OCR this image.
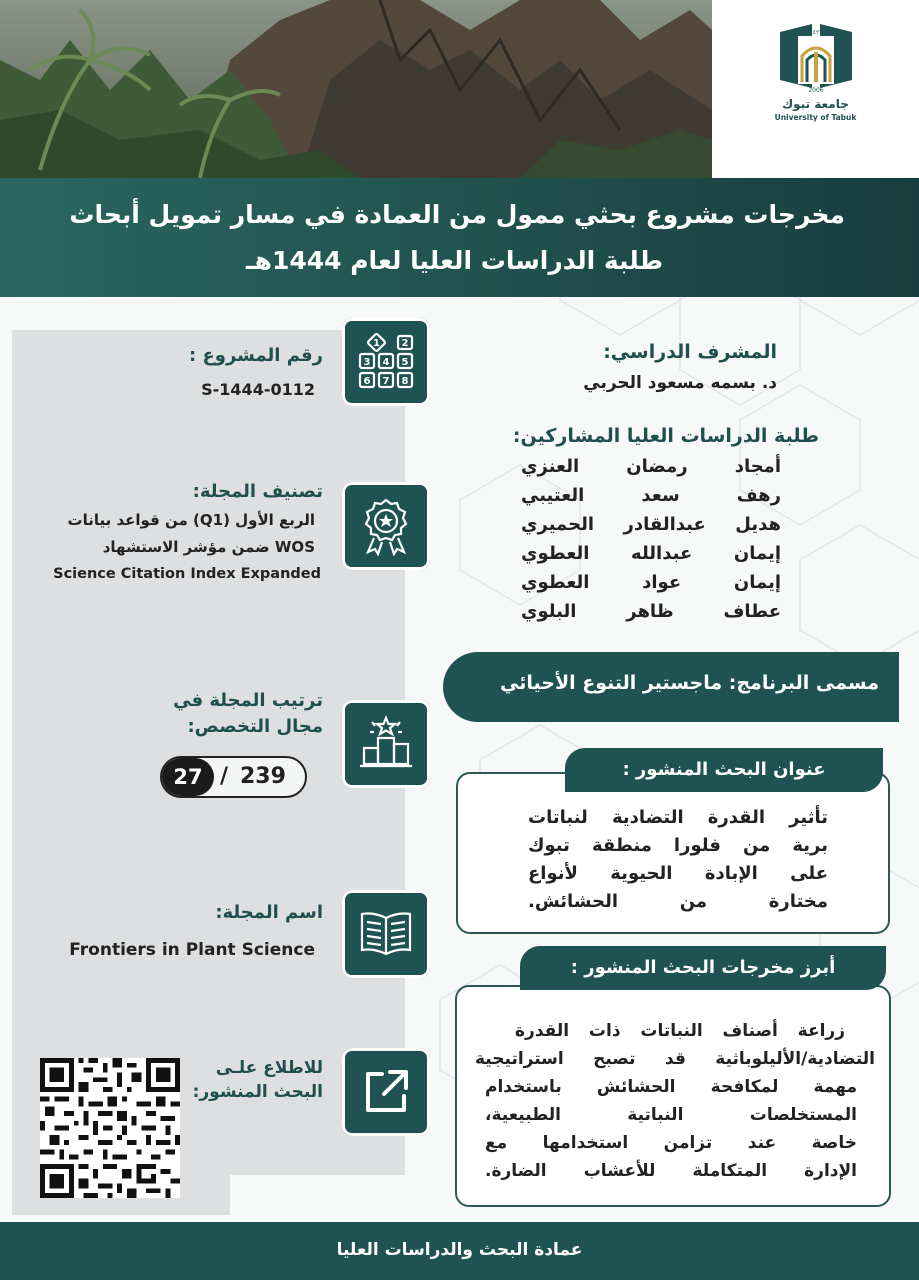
١٤٢٧
2006
جامعة تبوك
University of Tabuk
مخرجات مشروع بحثي ممول من العمادة في مسار تمويل أبحاث
طلبة الدراسات العليا لعام 1444هـ
1 2
3 4 5
6 7 8
رقم المشروع :
S-1444-0112
تصنيف المجلة:
الربع الأول (Q1) من قواعد بيانات
WOS ضمن مؤشر الاستشهاد
Science Citation Index Expanded
ترتيب المجلة في
مجال التخصص:
27 / 239
اسم المجلة:
Frontiers in Plant Science
للاطلاع علـى
البحث المنشور:
المشرف الدراسي:
د. بسمه مسعود الحربي
طلبة الدراسات العليا المشاركين:
أمجاد رمضان العنزي
رهف سعد العتيبي
هديل عبدالقادر الحميري
إيمان عبدالله العطوي
إيمان عواد العطوي
عطاف ظاهر البلوي
مسمى البرنامج: ماجستير التنوع الأحيائي
تأثير القدرة التضادية لنباتات
برية من فلورا منطقة تبوك
على الإبادة الحيوية لأنواع
مختارة من الحشائش.
عنوان البحث المنشور :
زراعة أصناف النباتات ذات القدرة
التضادية/الأليلوباثية قد تصبح استراتيجية
مهمة لمكافحة الحشائش باستخدام
المستخلصات النباتية الطبيعية،
خاصة عند تزامن استخدامها مع
الإدارة المتكاملة للأعشاب الضارة.
أبرز مخرجات البحث المنشور :
عمادة البحث والدراسات العليا
